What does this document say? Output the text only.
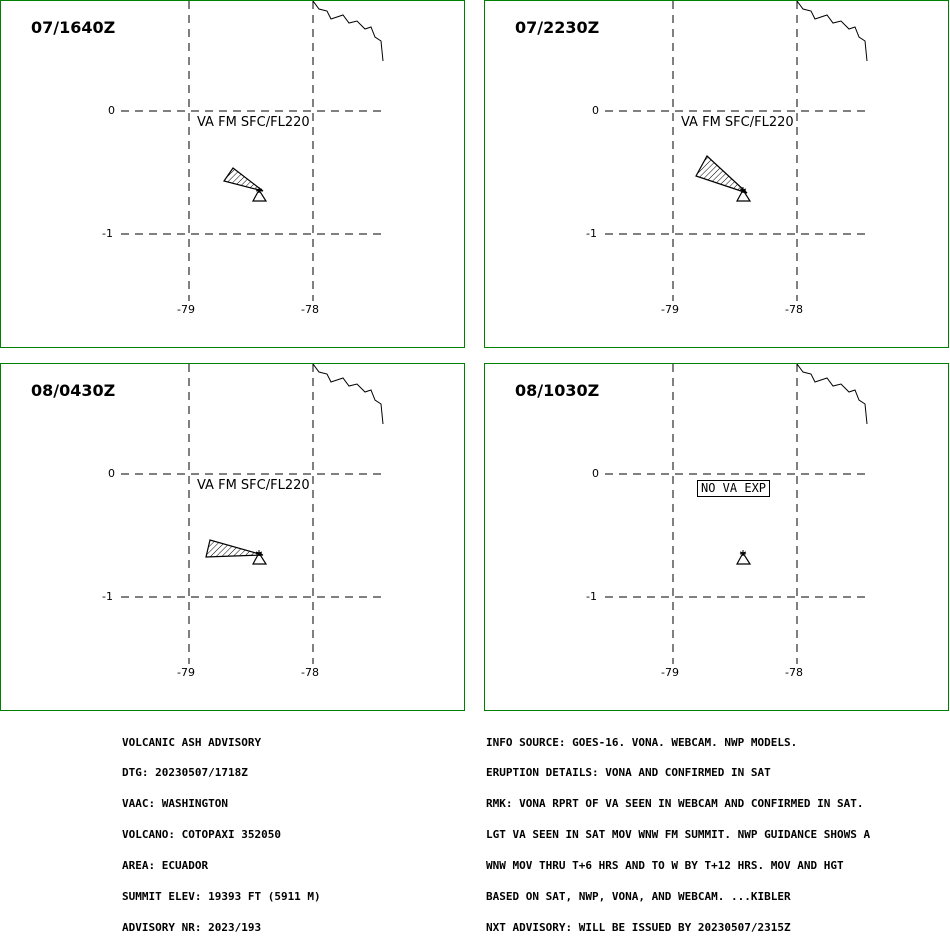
07/1640Z
VA FM SFC/FL220
0
-1
-79	-78
07/2230Z
VA FM SFC/FL220
0
-1
-79	-78
08/0430Z
VA FM SFC/FL220
0
-1
-79	-78
08/1030Z
0
-1
-79	-78
NO VA EXP

VOLCANIC ASH ADVISORY

DTG: 20230507/1718Z

VAAC: WASHINGTON

VOLCANO: COTOPAXI 352050

AREA: ECUADOR

SUMMIT ELEV: 19393 FT (5911 M)

ADVISORY NR: 2023/193

INFO SOURCE: GOES-16. VONA. WEBCAM. NWP MODELS.

ERUPTION DETAILS: VONA AND CONFIRMED IN SAT

RMK: VONA RPRT OF VA SEEN IN WEBCAM AND CONFIRMED IN SAT.

LGT VA SEEN IN SAT MOV WNW FM SUMMIT. NWP GUIDANCE SHOWS A

WNW MOV THRU T+6 HRS AND TO W BY T+12 HRS. MOV AND HGT

BASED ON SAT, NWP, VONA, AND WEBCAM. ...KIBLER

NXT ADVISORY: WILL BE ISSUED BY 20230507/2315Z
